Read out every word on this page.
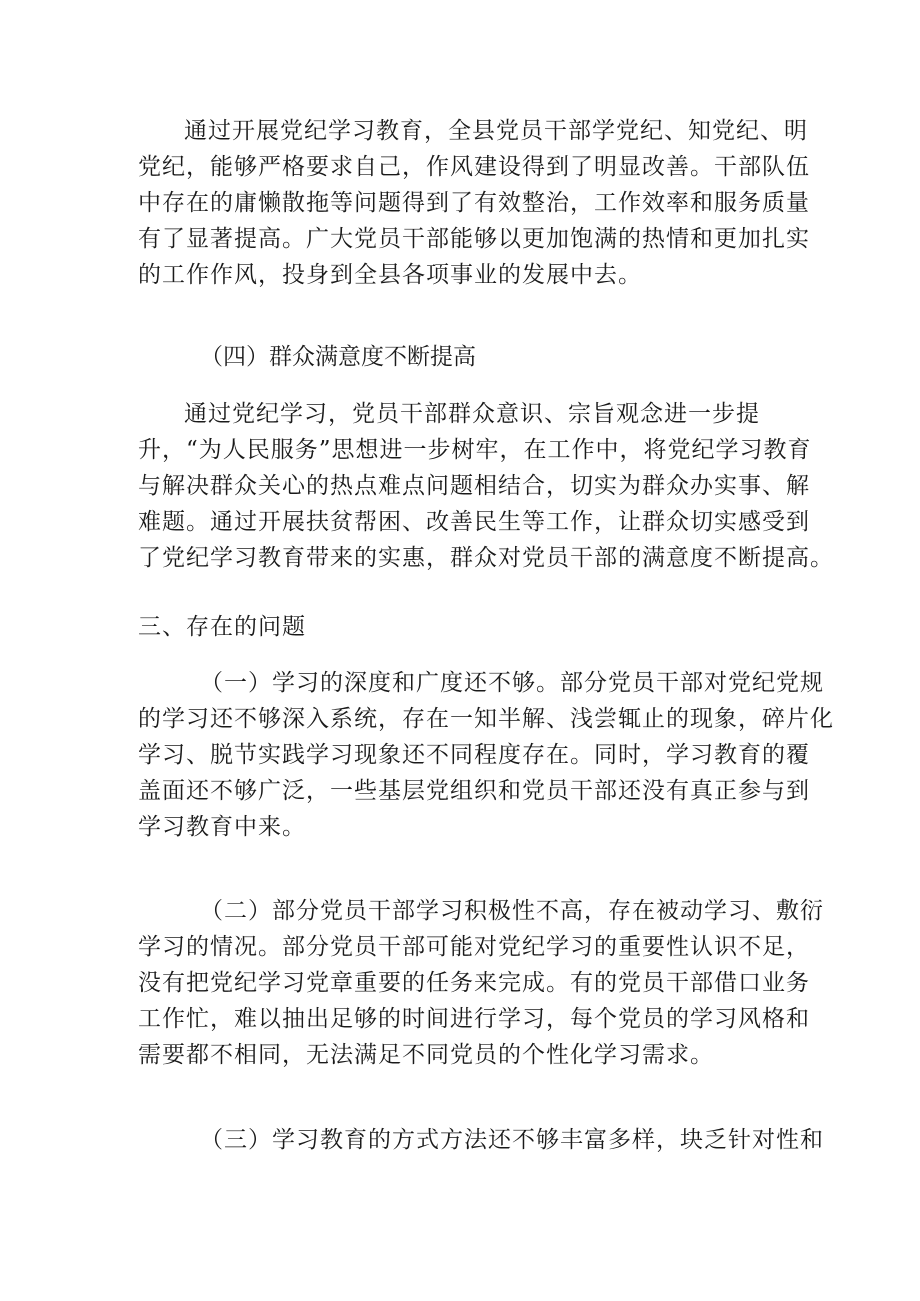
通过开展党纪学习教育，全县党员干部学党纪、知党纪、明
党纪，能够严格要求自己，作风建设得到了明显改善。干部队伍
中存在的庸懒散拖等问题得到了有效整治，工作效率和服务质量
有了显著提高。广大党员干部能够以更加饱满的热情和更加扎实
的工作作风，投身到全县各项事业的发展中去。
（四）群众满意度不断提高
通过党纪学习，党员干部群众意识、宗旨观念进一步提
升，“为人民服务”思想进一步树牢，在工作中，将党纪学习教育
与解决群众关心的热点难点问题相结合，切实为群众办实事、解
难题。通过开展扶贫帮困、改善民生等工作，让群众切实感受到
了党纪学习教育带来的实惠，群众对党员干部的满意度不断提高。
三、存在的问题
（一）学习的深度和广度还不够。部分党员干部对党纪党规
的学习还不够深入系统，存在一知半解、浅尝辄止的现象，碎片化
学习、脱节实践学习现象还不同程度存在。同时，学习教育的覆
盖面还不够广泛，一些基层党组织和党员干部还没有真正参与到
学习教育中来。
（二）部分党员干部学习积极性不高，存在被动学习、敷衍
学习的情况。部分党员干部可能对党纪学习的重要性认识不足，
没有把党纪学习党章重要的任务来完成。有的党员干部借口业务
工作忙，难以抽出足够的时间进行学习，每个党员的学习风格和
需要都不相同，无法满足不同党员的个性化学习需求。
（三）学习教育的方式方法还不够丰富多样，块乏针对性和
